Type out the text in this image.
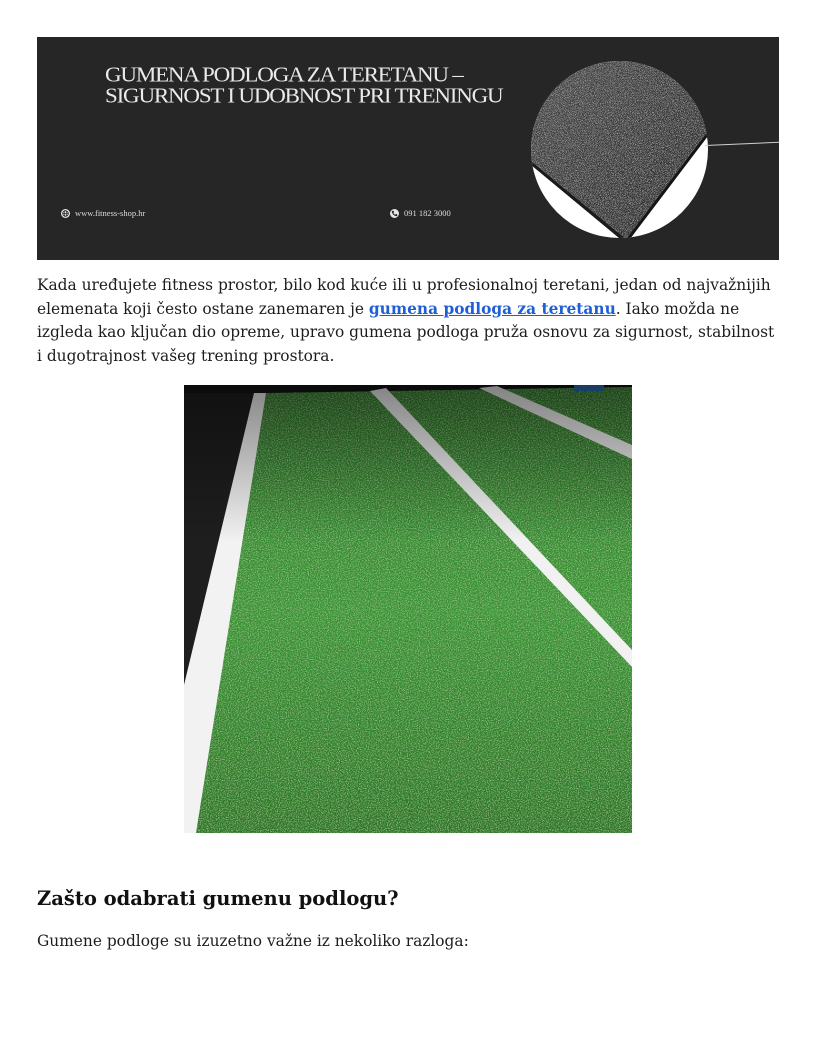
GUMENA PODLOGA ZA TERETANU –
SIGURNOST I UDOBNOST PRI TRENINGU
www.fitness-shop.hr	091 182 3000

Kada uređujete fitness prostor, bilo kod kuće ili u profesionalnoj teretani, jedan od najvažnijih elemenata koji često ostane zanemaren je gumena podloga za teretanu. Iako možda ne izgleda kao ključan dio opreme, upravo gumena podloga pruža osnovu za sigurnost, stabilnost i dugotrajnost vašeg trening prostora.

Zašto odabrati gumenu podlogu?

Gumene podloge su izuzetno važne iz nekoliko razloga:
